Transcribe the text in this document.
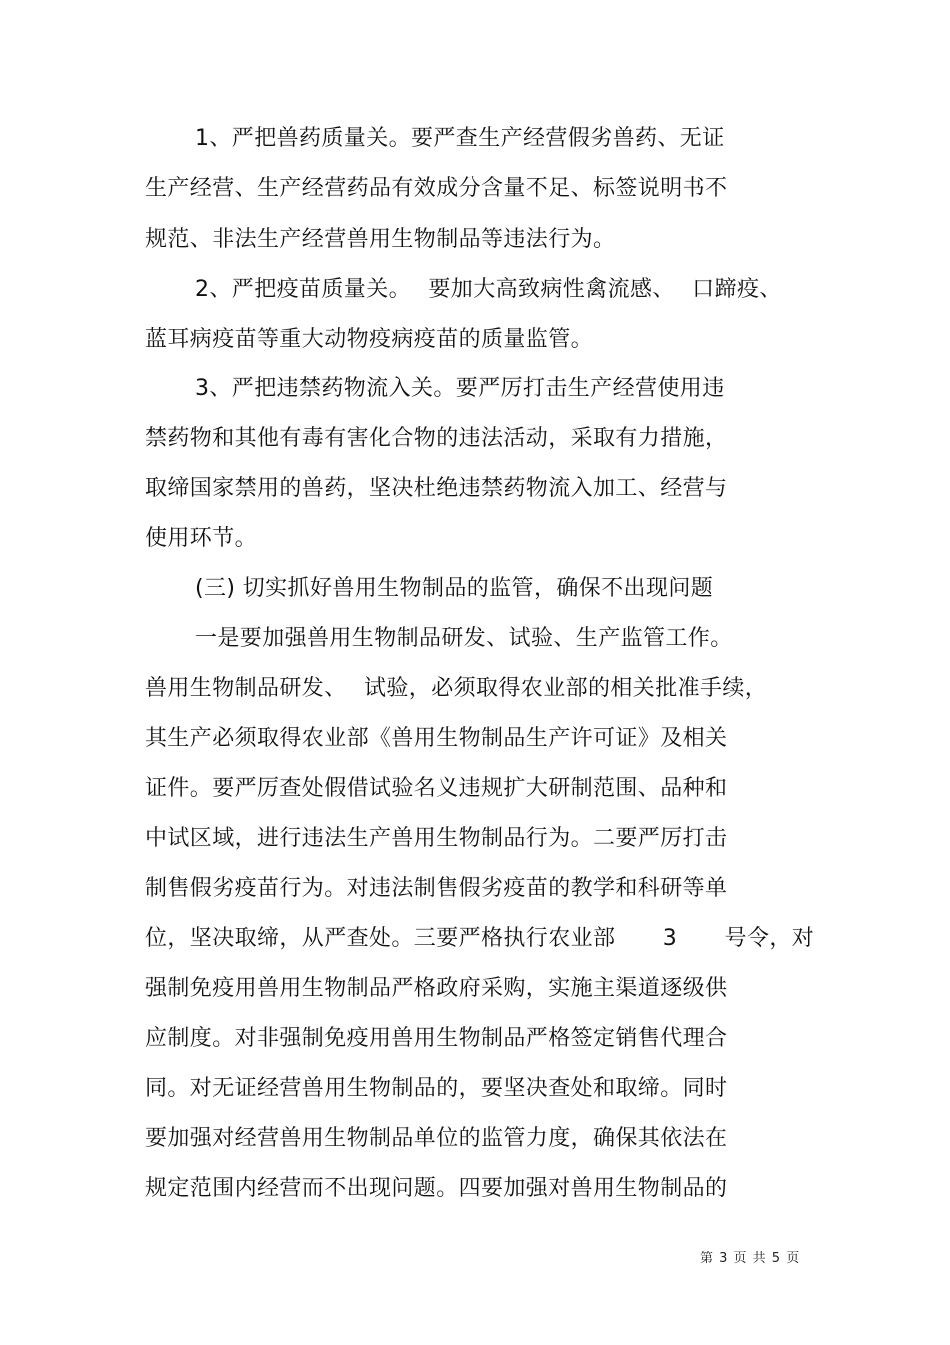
1、严把兽药质量关。要严查生产经营假劣兽药、无证
生产经营、生产经营药品有效成分含量不足、标签说明书不
规范、非法生产经营兽用生物制品等违法行为。
2、严把疫苗质量关。 要加大高致病性禽流感、 口蹄疫、
蓝耳病疫苗等重大动物疫病疫苗的质量监管。
3、严把违禁药物流入关。要严厉打击生产经营使用违
禁药物和其他有毒有害化合物的违法活动，采取有力措施，
取缔国家禁用的兽药，坚决杜绝违禁药物流入加工、经营与
使用环节。
(三) 切实抓好兽用生物制品的监管，确保不出现问题
一是要加强兽用生物制品研发、试验、生产监管工作。
兽用生物制品研发、 试验，必须取得农业部的相关批准手续，
其生产必须取得农业部《兽用生物制品生产许可证》及相关
证件。要严厉查处假借试验名义违规扩大研制范围、品种和
中试区域，进行违法生产兽用生物制品行为。二要严厉打击
制售假劣疫苗行为。对违法制售假劣疫苗的教学和科研等单
位，坚决取缔，从严查处。三要严格执行农业部 3 号令，对
强制免疫用兽用生物制品严格政府采购，实施主渠道逐级供
应制度。对非强制免疫用兽用生物制品严格签定销售代理合
同。对无证经营兽用生物制品的，要坚决查处和取缔。同时
要加强对经营兽用生物制品单位的监管力度，确保其依法在
规定范围内经营而不出现问题。四要加强对兽用生物制品的
第 3 页 共 5 页
